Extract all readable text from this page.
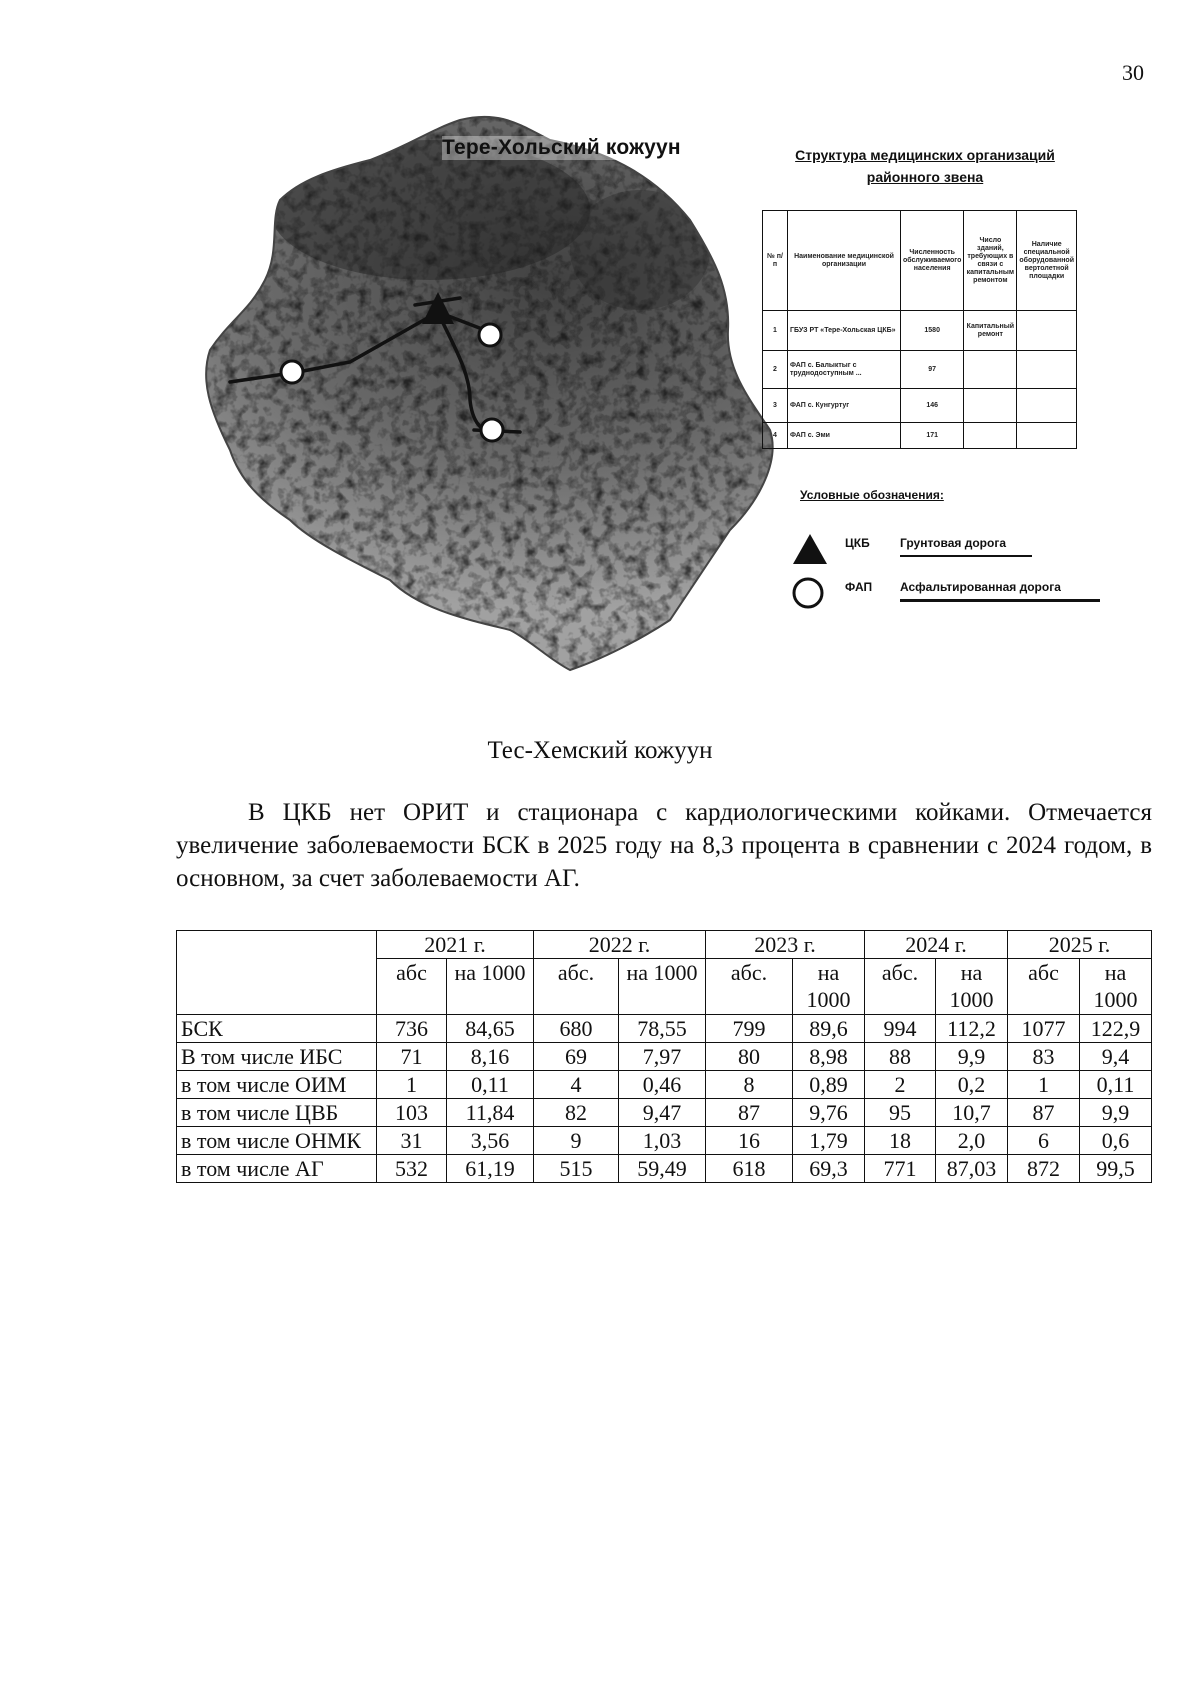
30
Тере-Хольский кожуун	Структура медицинских организаций районного звена
№ п/п	Наименование медицинской организации	Численность обслуживаемого населения	Число зданий, требующих в связи с капитальным ремонтом	Наличие специальной оборудованной вертолетной площадки
1	ГБУЗ РТ «Тере-Хольская ЦКБ»	1580	Капитальный ремонт	
2	ФАП с. Балыктыг с труднодоступным ...	97		
3	ФАП с. Кунгуртуг	146		
4	ФАП с. Эми	171		
Условные обозначения:
ЦКБ	Грунтовая дорога
ФАП Асфальтированная дорога
Тес-Хемский кожуун
В ЦКБ нет ОРИТ и стационара с кардиологическими койками. Отмечается увеличение заболеваемости БСК в 2025 году на 8,3 процента в сравнении с 2024 годом, в основном, за счет заболеваемости АГ.
	2021 г.		2022 г.		2023 г.		2024 г.		2025 г.	
	абс	на 1000	абс.	на 1000	абс.	на 1000	абс.	на 1000	абс	на 1000
БСК	736	84,65	680	78,55	799	89,6	994	112,2	1077	122,9
В том числе ИБС	71	8,16	69	7,97	80	8,98	88	9,9	83	9,4
в том числе ОИМ	1	0,11	4	0,46	8	0,89	2	0,2	1	0,11
в том числе ЦВБ	103	11,84	82	9,47	87	9,76	95	10,7	87	9,9
в том числе ОНМК	31	3,56	9	1,03	16	1,79	18	2,0	6	0,6
в том числе АГ	532	61,19	515	59,49	618	69,3	771	87,03	872	99,5
